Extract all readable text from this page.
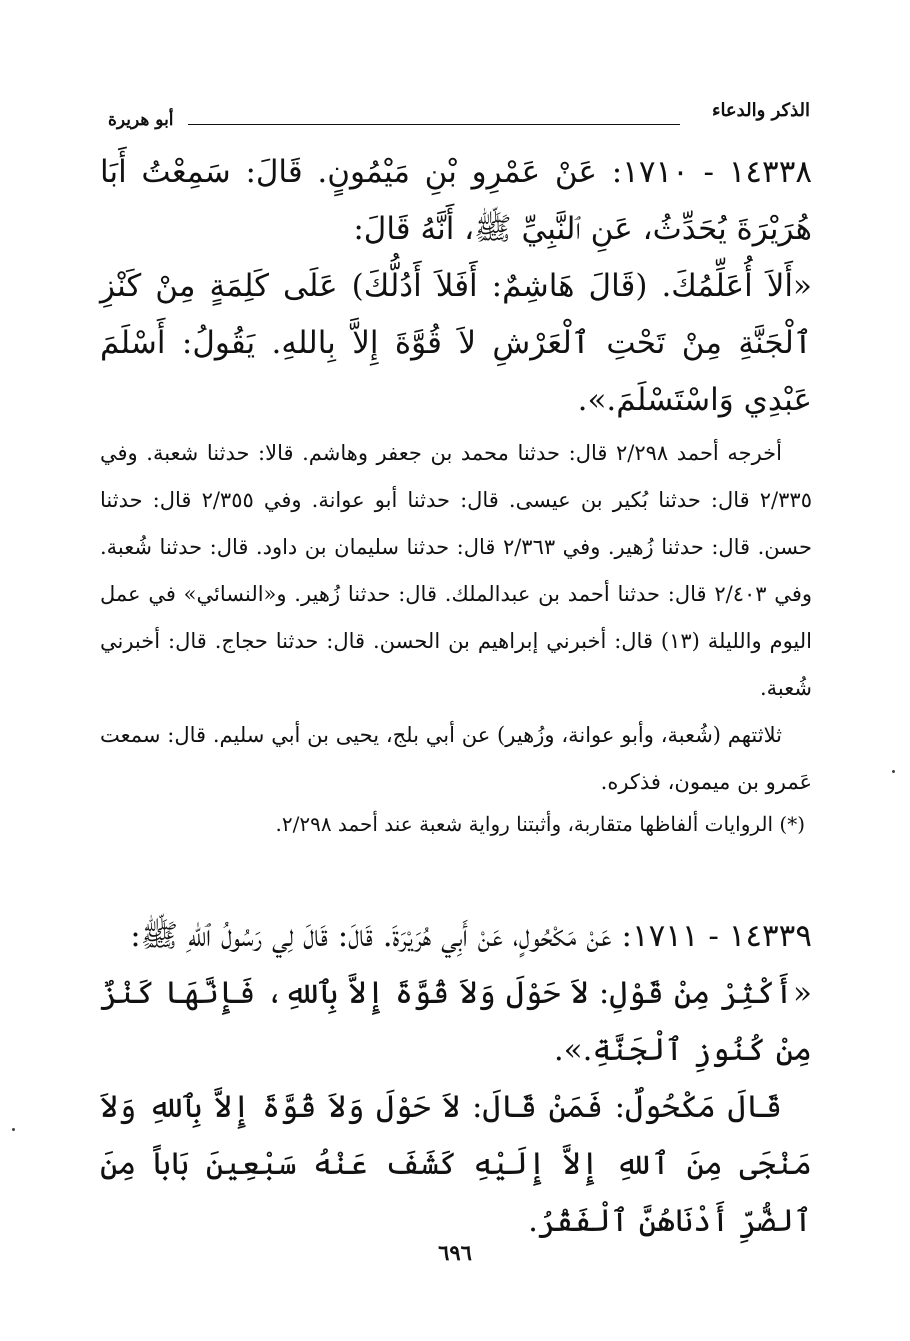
الذكر والدعاء
أبو هريرة

١٤٣٣٨ - ١٧١٠: عَنْ عَمْرِو بْنِ مَيْمُونٍ. قَالَ: سَمِعْتُ أَبَا هُرَيْرَةَ يُحَدِّثُ، عَنِ ٱلنَّبِيِّ ﷺ، أَنَّهُ قَالَ:

«أَلاَ أُعَلِّمُكَ. (قَالَ هَاشِمٌ: أَفَلاَ أَدُلُّكَ) عَلَى كَلِمَةٍ مِنْ كَنْزِ ٱلْجَنَّةِ مِنْ تَحْتِ ٱلْعَرْشِ لاَ قُوَّةَ إِلاَّ بِاللهِ. يَقُولُ: أَسْلَمَ عَبْدِي وَاسْتَسْلَمَ.».

أخرجه أحمد ٢/٢٩٨ قال: حدثنا محمد بن جعفر وهاشم. قالا: حدثنا شعبة. وفي ٢/٣٣٥ قال: حدثنا بُكير بن عيسى. قال: حدثنا أبو عوانة. وفي ٢/٣٥٥ قال: حدثنا حسن. قال: حدثنا زُهير. وفي ٢/٣٦٣ قال: حدثنا سليمان بن داود. قال: حدثنا شُعبة. وفي ٢/٤٠٣ قال: حدثنا أحمد بن عبدالملك. قال: حدثنا زُهير. و«النسائي» في عمل اليوم والليلة (١٣) قال: أخبرني إبراهيم بن الحسن. قال: حدثنا حجاج. قال: أخبرني شُعبة.

ثلاثتهم (شُعبة، وأبو عوانة، وزُهير) عن أبي بلج، يحيى بن أبي سليم. قال: سمعت عَمرو بن ميمون، فذكره.

(*) الروايات ألفاظها متقاربة، وأثبتنا رواية شعبة عند أحمد ٢/٢٩٨.

١٤٣٣٩ - ١٧١١: عَنْ مَكْحُولٍ، عَنْ أَبِي هُرَيْرَةَ. قَالَ: قَالَ لِي رَسُولُ ٱللهِ ﷺ:

«أَكْثِرْ مِنْ قَوْلِ: لاَ حَوْلَ وَلاَ قُوَّةَ إِلاَّ بِٱللهِ، فَإِنَّهَا كَنْزٌ مِنْ كُنُوزِ ٱلْجَنَّةِ.».

قَالَ مَكْحُولٌ: فَمَنْ قَالَ: لاَ حَوْلَ وَلاَ قُوَّةَ إِلاَّ بِٱللهِ وَلاَ مَنْجَى مِنَ ٱللهِ إِلاَّ إِلَيْهِ كَشَفَ عَنْهُ سَبْعِينَ بَاباً مِنَ ٱلضُّرِّ أَدْنَاهُنَّ ٱلْفَقْرُ.

٦٩٦
